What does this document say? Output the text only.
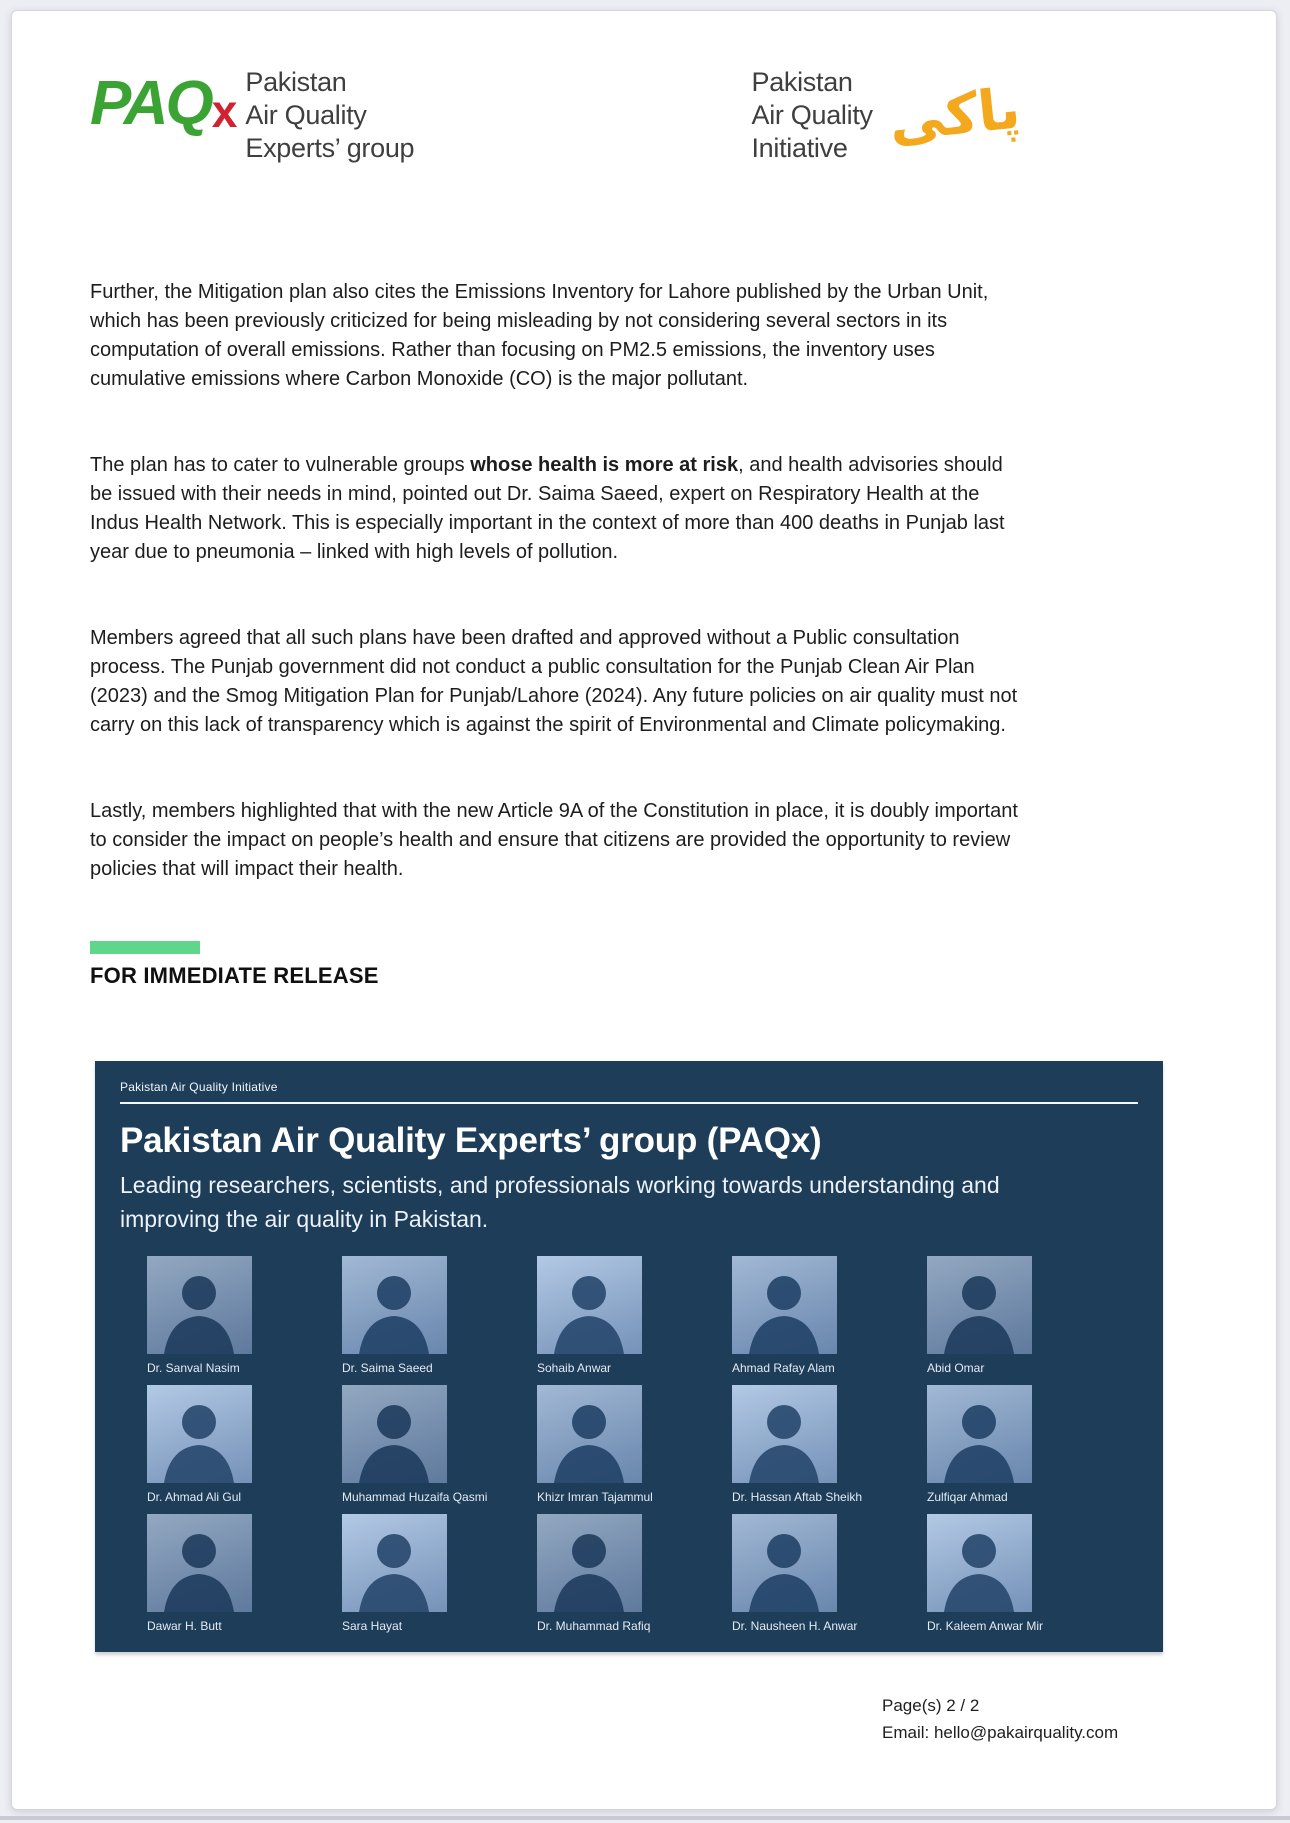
PAQ x
Pakistan
Air Quality
Experts’ group
Pakistan
Air Quality
Initiative پاکی

Further, the Mitigation plan also cites the Emissions Inventory for Lahore published by the Urban Unit, which has been previously criticized for being misleading by not considering several sectors in its computation of overall emissions. Rather than focusing on PM2.5 emissions, the inventory uses cumulative emissions where Carbon Monoxide (CO) is the major pollutant.

The plan has to cater to vulnerable groups whose health is more at risk, and health advisories should be issued with their needs in mind, pointed out Dr. Saima Saeed, expert on Respiratory Health at the Indus Health Network. This is especially important in the context of more than 400 deaths in Punjab last year due to pneumonia – linked with high levels of pollution.

Members agreed that all such plans have been drafted and approved without a Public consultation process. The Punjab government did not conduct a public consultation for the Punjab Clean Air Plan (2023) and the Smog Mitigation Plan for Punjab/Lahore (2024). Any future policies on air quality must not carry on this lack of transparency which is against the spirit of Environmental and Climate policymaking.

Lastly, members highlighted that with the new Article 9A of the Constitution in place, it is doubly important to consider the impact on people’s health and ensure that citizens are provided the opportunity to review policies that will impact their health.

FOR IMMEDIATE RELEASE
Pakistan Air Quality Initiative
Pakistan Air Quality Experts’ group (PAQx)

Leading researchers, scientists, and professionals working towards understanding and improving the air quality in Pakistan.

Dr. Sanval Nasim	Dr. Saima Saeed	Sohaib Anwar	Ahmad Rafay Alam	Abid Omar
Dr. Ahmad Ali Gul	Muhammad Huzaifa Qasmi	Khizr Imran Tajammul	Dr. Hassan Aftab Sheikh	Zulfiqar Ahmad
Dawar H. Butt	Sara Hayat	Dr. Muhammad Rafiq	Dr. Nausheen H. Anwar	Dr. Kaleem Anwar Mir
Page(s) 2 / 2
Email: hello@pakairquality.com
